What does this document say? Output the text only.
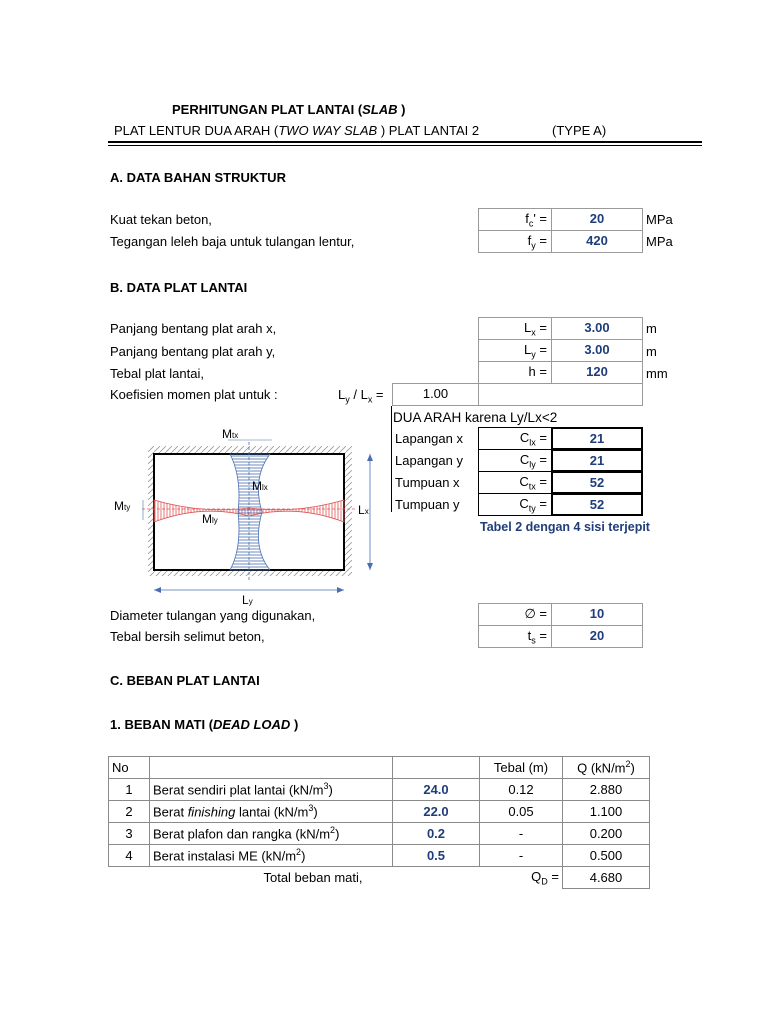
PERHITUNGAN PLAT LANTAI (SLAB )
PLAT LENTUR DUA ARAH (TWO WAY SLAB ) PLAT LANTAI 2	(TYPE A)
A. DATA BAHAN STRUKTUR
Kuat tekan beton,	$f_c'$ =	20	MPa
Tegangan leleh baja untuk tulangan lentur,	$f_y$ =	420	MPa
B. DATA PLAT LANTAI
Panjang bentang plat arah x,	$L_x$ =	3.00	m
Panjang bentang plat arah y,	$L_y$ =	3.00	m
Tebal plat lantai,	h =	120	mm
Koefisien momen plat untuk :	$L_y / L_x$ =	1.00
DUA ARAH karena Ly/Lx<2
Lapangan x	$C_{lx}$ =	21
Lapangan y	$C_{ly}$ =	21
Tumpuan x	$C_{tx}$ =	52
Tumpuan y	$C_{ty}$ =	52
Tabel 2 dengan 4 sisi terjepit
Mtx
Mty
Mlx
Mly
Lx
Ly
Diameter tulangan yang digunakan,	∅ =	10
Tebal bersih selimut beton,	$t_s$ =	20
C. BEBAN PLAT LANTAI
1. BEBAN MATI (DEAD LOAD )
No			Tebal (m)	Q $(kN/m^2)$
1	Berat sendiri plat lantai $(kN/m^3)$	24.0	0.12	2.880
2	Berat finishing lantai $(kN/m^3)$	22.0	0.05	1.100
3	Berat plafon dan rangka $(kN/m^2)$	0.2	-	0.200
4	Berat instalasi ME $(kN/m^2)$	0.5	-	0.500
	Total beban mati,		$Q_D$ =	4.680
